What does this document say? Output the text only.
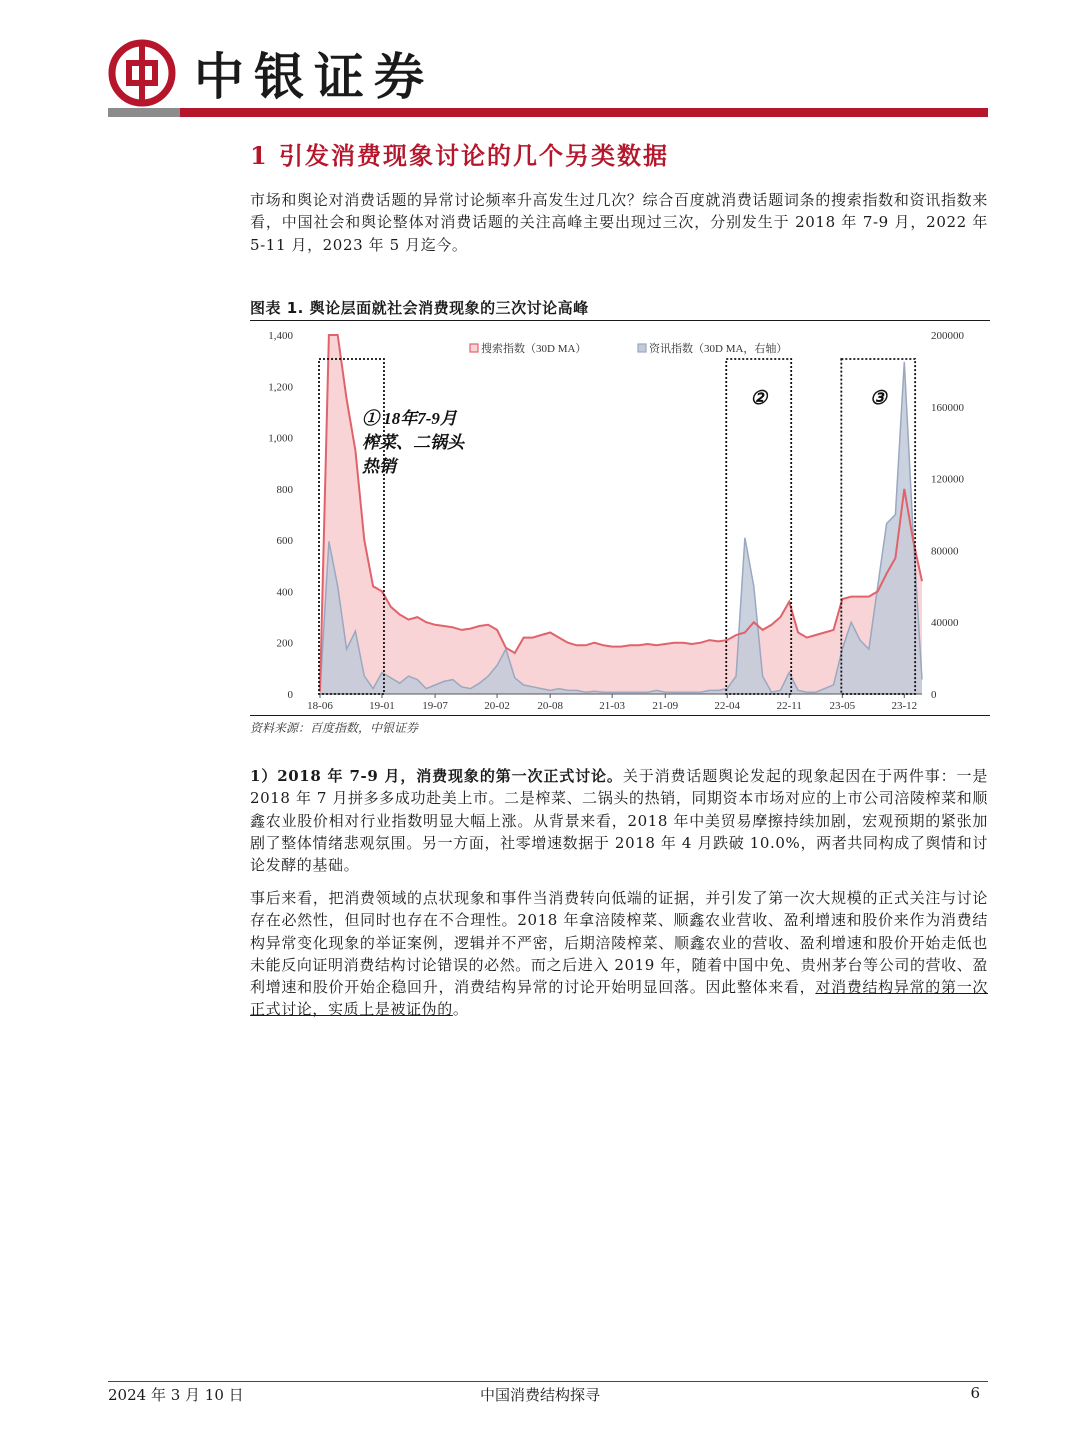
中银证券
1 引发消费现象讨论的几个另类数据

市场和舆论对消费话题的异常讨论频率升高发生过几次？综合百度就消费话题词条的搜索指数和资讯指数来看，中国社会和舆论整体对消费话题的关注高峰主要出现过三次，分别发生于 2018 年 7-9 月，2022 年 5-11 月，2023 年 5 月迄今。

图表 1. 舆论层面就社会消费现象的三次讨论高峰
0
200
400
600
800
1,000
1,200
1,400
0
40000
80000
120000
160000
200000
18-06	19-01 19-07	20-02 20-08	21-03 21-09	22-04	22-11	23-05	23-12
②	③
① 18年7-9月
榨菜、二锅头
热销
搜索指数（30D MA）	资讯指数（30D MA，右轴）
资料来源：百度指数，中银证券

1）2018 年 7-9 月，消费现象的第一次正式讨论。关于消费话题舆论发起的现象起因在于两件事：一是 2018 年 7 月拼多多成功赴美上市。二是榨菜、二锅头的热销，同期资本市场对应的上市公司涪陵榨菜和顺鑫农业股价相对行业指数明显大幅上涨。从背景来看，2018 年中美贸易摩擦持续加剧，宏观预期的紧张加剧了整体情绪悲观氛围。另一方面，社零增速数据于 2018 年 4 月跌破 10.0%，两者共同构成了舆情和讨论发酵的基础。

事后来看，把消费领域的点状现象和事件当消费转向低端的证据，并引发了第一次大规模的正式关注与讨论存在必然性，但同时也存在不合理性。2018 年拿涪陵榨菜、顺鑫农业营收、盈利增速和股价来作为消费结构异常变化现象的举证案例，逻辑并不严密，后期涪陵榨菜、顺鑫农业的营收、盈利增速和股价开始走低也未能反向证明消费结构讨论错误的必然。而之后进入 2019 年，随着中国中免、贵州茅台等公司的营收、盈利增速和股价开始企稳回升，消费结构异常的讨论开始明显回落。因此整体来看，对消费结构异常的第一次正式讨论，实质上是被证伪的。

2024 年 3 月 10 日	中国消费结构探寻	6
